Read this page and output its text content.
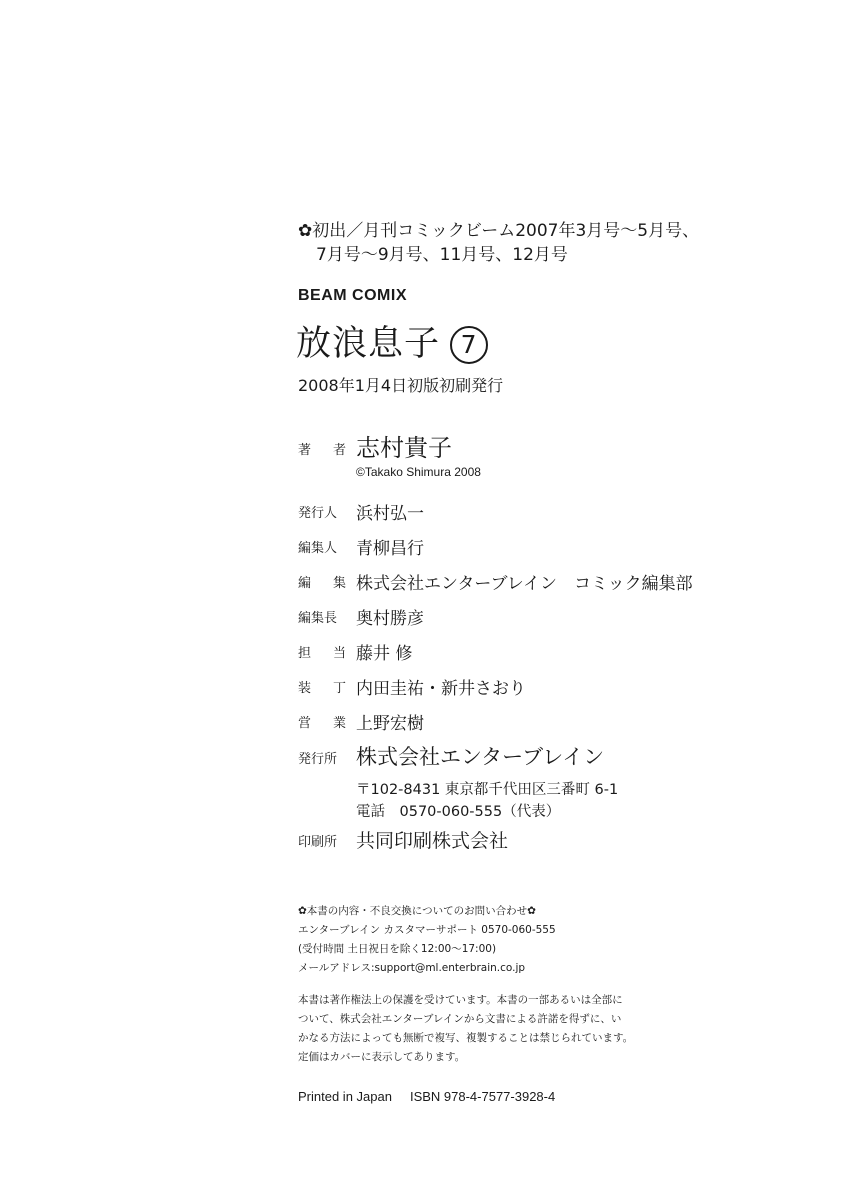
✿初出／月刊コミックビーム2007年3月号～5月号、
7月号～9月号、11月号、12月号
BEAM COMIX
放浪息子 7
2008年1月4日初版初刷発行
著 者 志村貴子
©Takako Shimura 2008
発行人	浜村弘一
編集人	青柳昌行
編 集 株式会社エンターブレイン　コミック編集部
編集長	奥村勝彦
担 当 藤井 修
装 丁 内田圭祐・新井さおり
営 業 上野宏樹
発行所 株式会社エンターブレイン
〒102-8431 東京都千代田区三番町 6-1
電話　0570-060-555（代表）
印刷所 共同印刷株式会社
✿本書の内容・不良交換についてのお問い合わせ✿
エンターブレイン カスタマーサポート 0570-060-555
(受付時間 土日祝日を除く12:00～17:00)
メールアドレス:support@ml.enterbrain.co.jp
本書は著作権法上の保護を受けています。本書の一部あるいは全部に
ついて、株式会社エンターブレインから文書による許諾を得ずに、い
かなる方法によっても無断で複写、複製することは禁じられています。
定価はカバーに表示してあります。
Printed in Japan ISBN 978-4-7577-3928-4
